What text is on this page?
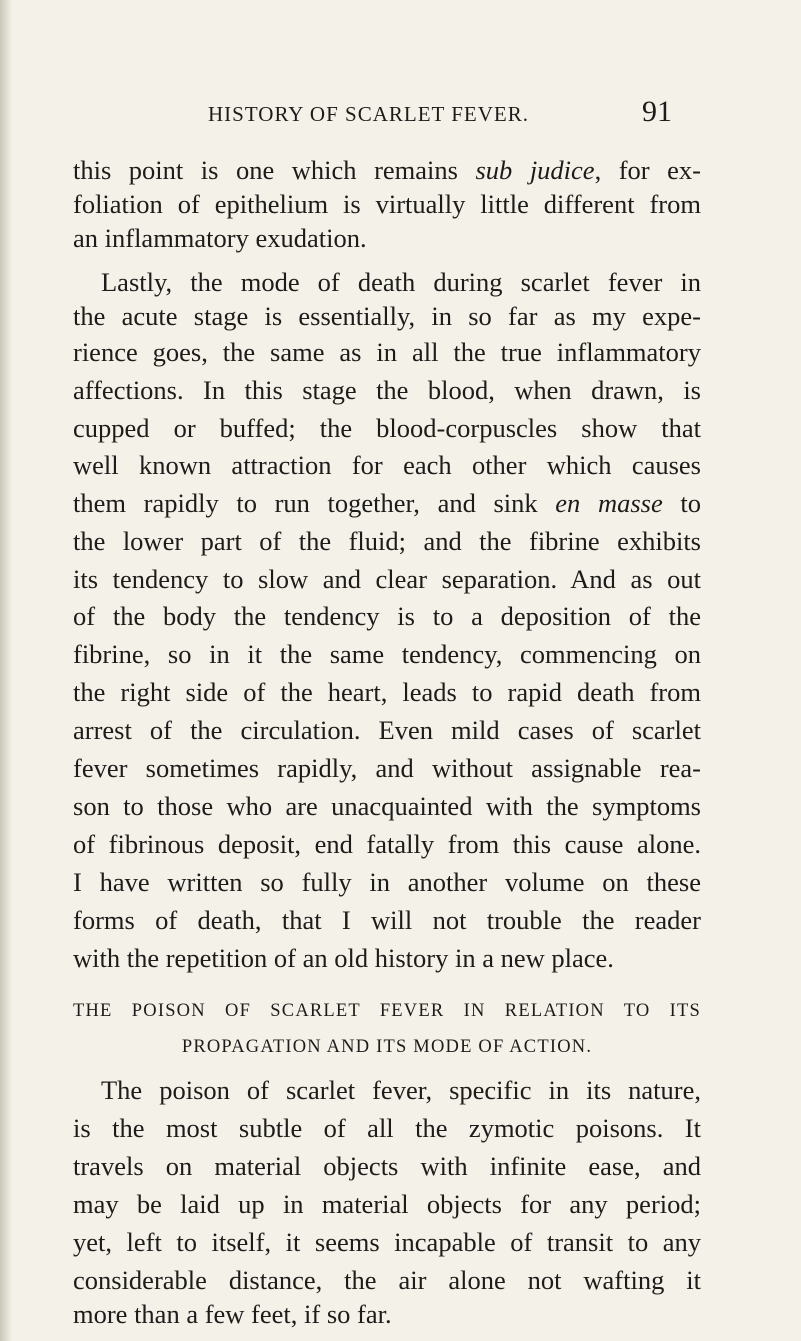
HISTORY OF SCARLET FEVER.	91
this point is one which remains sub judice, for ex-
foliation of epithelium is virtually little different from
an inflammatory exudation.
Lastly, the mode of death during scarlet fever in
the acute stage is essentially, in so far as my expe-
rience goes, the same as in all the true inflammatory
affections. In this stage the blood, when drawn, is
cupped or buffed; the blood-corpuscles show that
well known attraction for each other which causes
them rapidly to run together, and sink en masse to
the lower part of the fluid; and the fibrine exhibits
its tendency to slow and clear separation. And as out
of the body the tendency is to a deposition of the
fibrine, so in it the same tendency, commencing on
the right side of the heart, leads to rapid death from
arrest of the circulation. Even mild cases of scarlet
fever sometimes rapidly, and without assignable rea-
son to those who are unacquainted with the symptoms
of fibrinous deposit, end fatally from this cause alone.
I have written so fully in another volume on these
forms of death, that I will not trouble the reader
with the repetition of an old history in a new place.
THE POISON OF SCARLET FEVER IN RELATION TO ITS
PROPAGATION AND ITS MODE OF ACTION.
The poison of scarlet fever, specific in its nature,
is the most subtle of all the zymotic poisons. It
travels on material objects with infinite ease, and
may be laid up in material objects for any period;
yet, left to itself, it seems incapable of transit to any
considerable distance, the air alone not wafting it
more than a few feet, if so far.
